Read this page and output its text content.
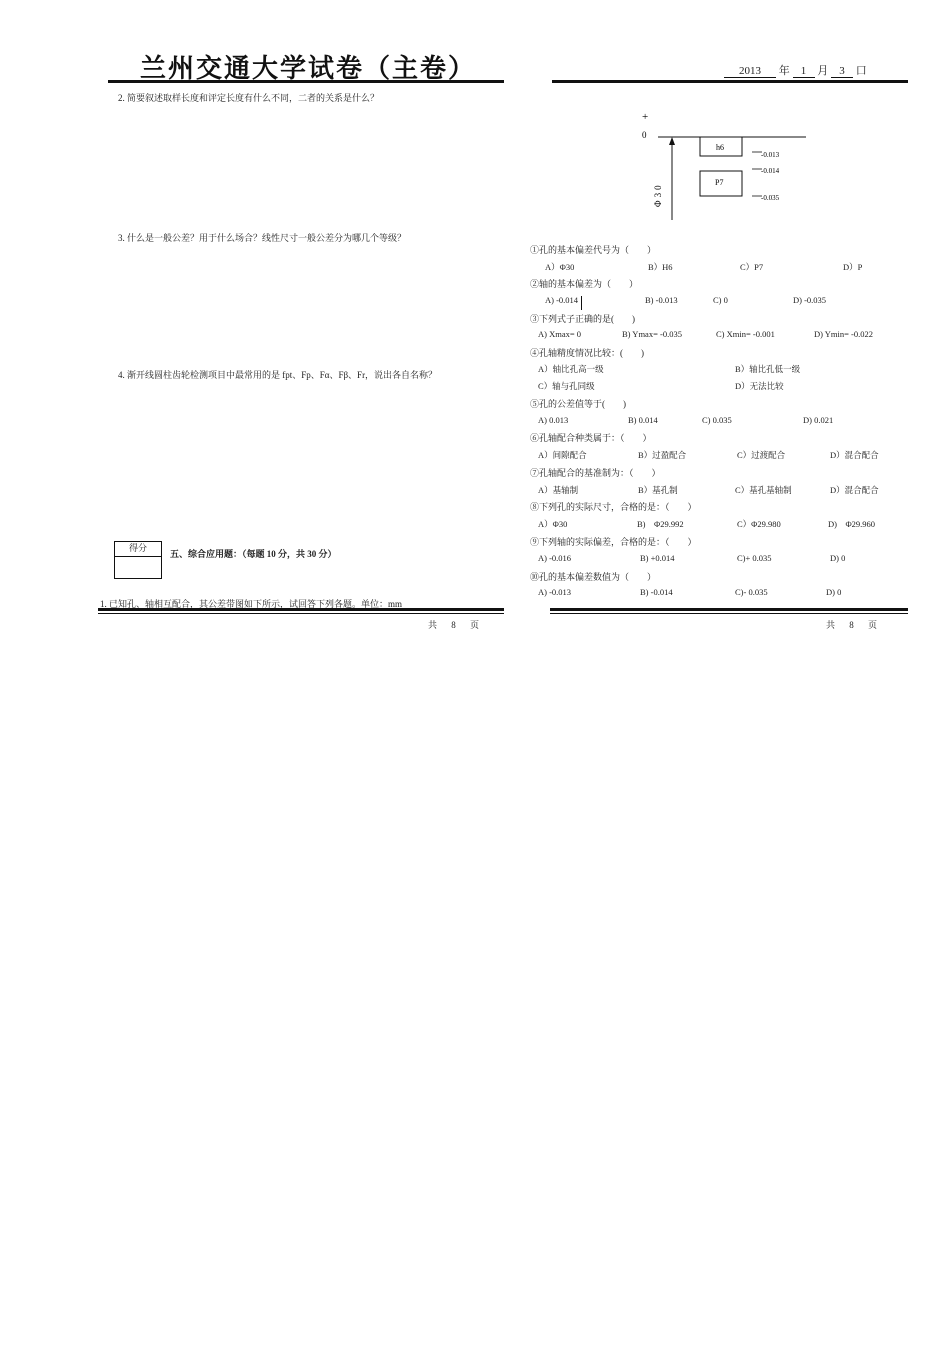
兰州交通大学试卷（主卷）	2013 年 1 月 3 口
2. 简要叙述取样长度和评定长度有什么不同，二者的关系是什么？
3. 什么是一般公差？用于什么场合？线性尺寸一般公差分为哪几个等级？
4. 渐开线圆柱齿轮检测项目中最常用的是 fpt、Fp、Fα、Fβ、Fr，说出各自名称？
得分	五、综合应用题：（每题 10 分，共 30 分）
1. 已知孔、轴相互配合，其公差带图如下所示，试回答下列各题。单位：mm
共 8 页
+
0
Φ30
h6
P7
-0.013
-0.014
-0.035
①孔的基本偏差代号为（　　）
A）Φ30	B）H6	C）P7	D）P
②轴的基本偏差为（　　）
A) -0.014	B) -0.013	C) 0	D) -0.035
③下列式子正确的是(　　)
A) Xmax= 0	B) Ymax= -0.035	C) Xmin= -0.001	D) Ymin= -0.022
④孔轴精度情况比较：(　　)
A）轴比孔高一级	B）轴比孔低一级
C）轴与孔同级	D）无法比较
⑤孔的公差值等于(　　)
A) 0.013	B) 0.014	C) 0.035	D) 0.021
⑥孔轴配合种类属于：（　　）
A）间隙配合	B）过盈配合	C）过渡配合	D）混合配合
⑦孔轴配合的基准制为：（　　）
A）基轴制	B）基孔制	C）基孔基轴制	D）混合配合
⑧下列孔的实际尺寸，合格的是：（　　）
A）Φ30	B)　Φ29.992	C）Φ29.980	D)　Φ29.960
⑨下列轴的实际偏差，合格的是：（　　）
A) -0.016	B) +0.014	C)+ 0.035	D) 0
⑩孔的基本偏差数值为（　　）
A) -0.013	B) -0.014	C)- 0.035	D) 0
共 8 页
